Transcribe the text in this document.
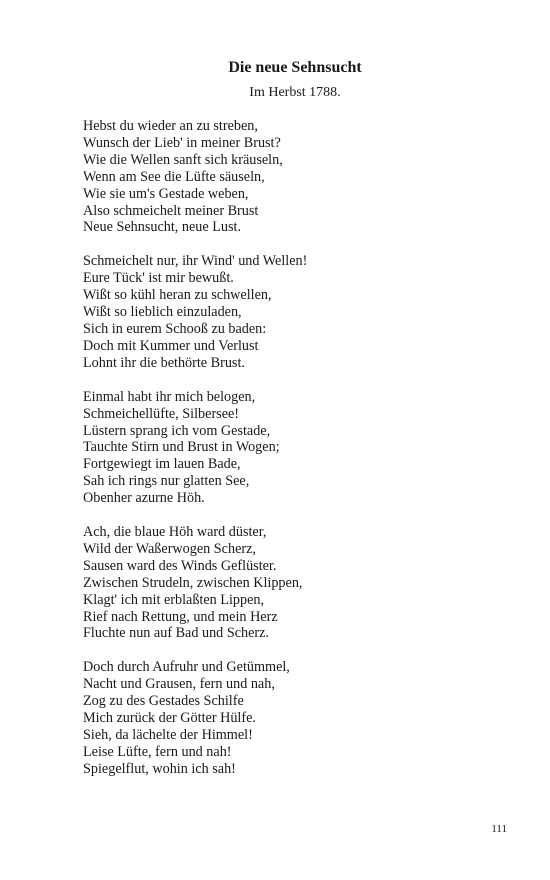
Die neue Sehnsucht
Im Herbst 1788.
Hebst du wieder an zu streben,
Wunsch der Lieb' in meiner Brust?
Wie die Wellen sanft sich kräuseln,
Wenn am See die Lüfte säuseln,
Wie sie um's Gestade weben,
Also schmeichelt meiner Brust
Neue Sehnsucht, neue Lust.
Schmeichelt nur, ihr Wind' und Wellen!
Eure Tück' ist mir bewußt.
Wißt so kühl heran zu schwellen,
Wißt so lieblich einzuladen,
Sich in eurem Schooß zu baden:
Doch mit Kummer und Verlust
Lohnt ihr die bethörte Brust.
Einmal habt ihr mich belogen,
Schmeichellüfte, Silbersee!
Lüstern sprang ich vom Gestade,
Tauchte Stirn und Brust in Wogen;
Fortgewiegt im lauen Bade,
Sah ich rings nur glatten See,
Obenher azurne Höh.
Ach, die blaue Höh ward düster,
Wild der Waßerwogen Scherz,
Sausen ward des Winds Geflüster.
Zwischen Strudeln, zwischen Klippen,
Klagt' ich mit erblaßten Lippen,
Rief nach Rettung, und mein Herz
Fluchte nun auf Bad und Scherz.
Doch durch Aufruhr und Getümmel,
Nacht und Grausen, fern und nah,
Zog zu des Gestades Schilfe
Mich zurück der Götter Hülfe.
Sieh, da lächelte der Himmel!
Leise Lüfte, fern und nah!
Spiegelflut, wohin ich sah!
111
